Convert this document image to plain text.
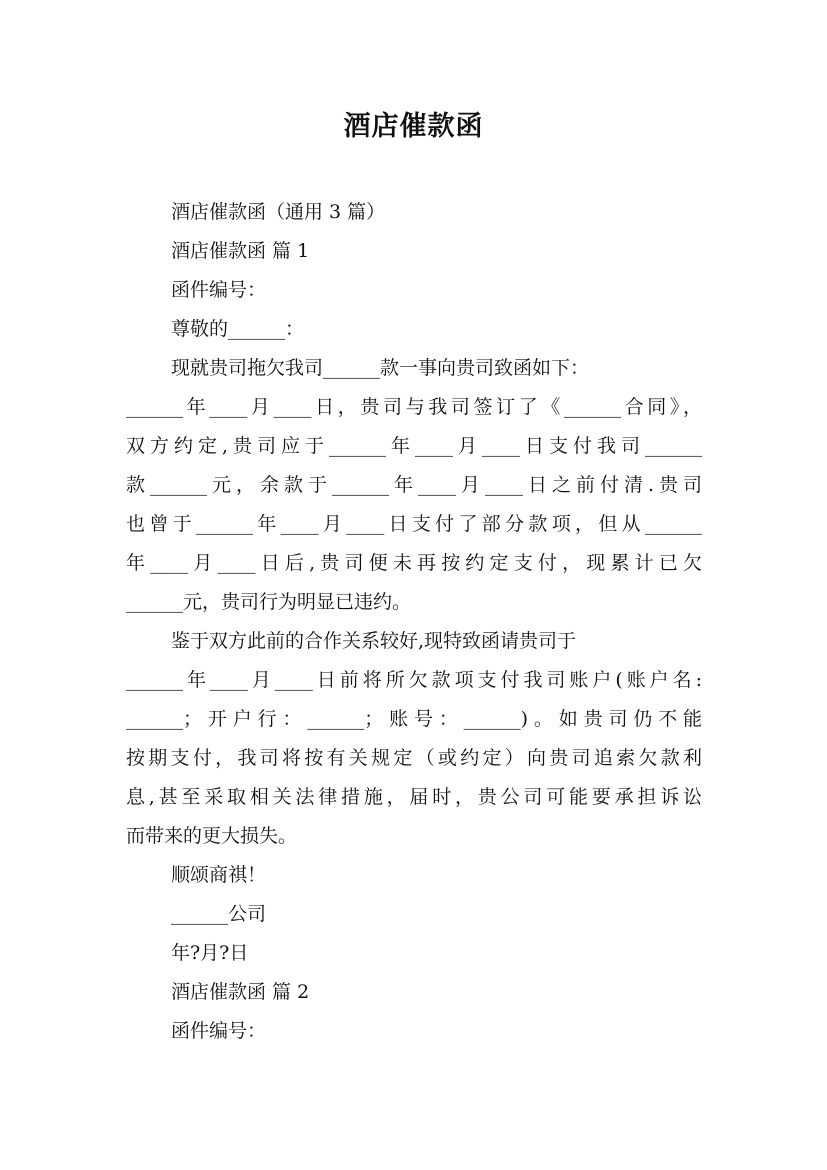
酒店催款函
酒店催款函（通用 3 篇）
酒店催款函 篇 1
函件编号：
尊敬的______：
现就贵司拖欠我司______款一事向贵司致函如下：
______年____月____日，贵司与我司签订了《______合同》，
双方约定,贵司应于______年____月____日支付我司______
款______元，余款于______年____月____日之前付清.贵司
也曾于______年____月____日支付了部分款项，但从______
年____月____日后,贵司便未再按约定支付，现累计已欠
______元，贵司行为明显已违约。
鉴于双方此前的合作关系较好,现特致函请贵司于
______年____月____日前将所欠款项支付我司账户(账户名:
______；开户行：______；账号：______)。如贵司仍不能
按期支付，我司将按有关规定（或约定）向贵司追索欠款利
息,甚至采取相关法律措施，届时，贵公司可能要承担诉讼
而带来的更大损失。
顺颂商祺！
______公司
年?月?日
酒店催款函 篇 2
函件编号：
